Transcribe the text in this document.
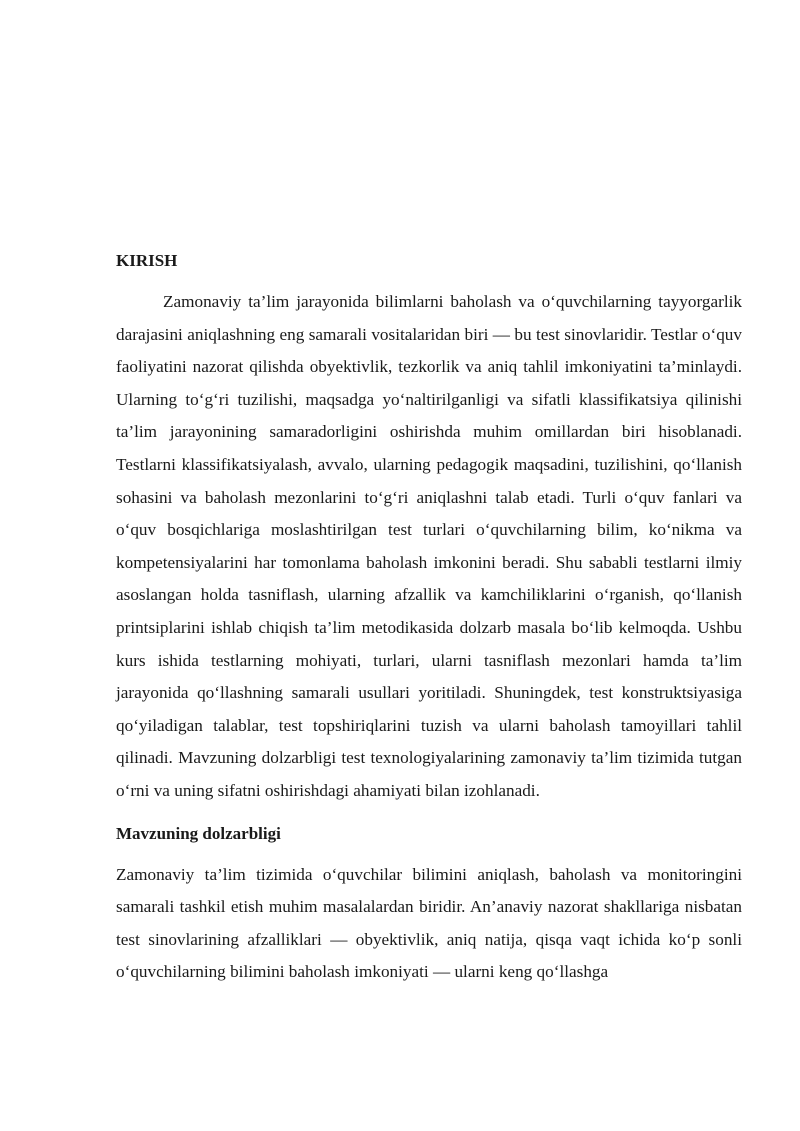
KIRISH

Zamonaviy ta’lim jarayonida bilimlarni baholash va o‘quvchilarning tayyorgarlik darajasini aniqlashning eng samarali vositalaridan biri — bu test sinovlaridir. Testlar o‘quv faoliyatini nazorat qilishda obyektivlik, tezkorlik va aniq tahlil imkoniyatini ta’minlaydi. Ularning to‘g‘ri tuzilishi, maqsadga yo‘naltirilganligi va sifatli klassifikatsiya qilinishi ta’lim jarayonining samaradorligini oshirishda muhim omillardan biri hisoblanadi. Testlarni klassifikatsiyalash, avvalo, ularning pedagogik maqsadini, tuzilishini, qo‘llanish sohasini va baholash mezonlarini to‘g‘ri aniqlashni talab etadi. Turli o‘quv fanlari va o‘quv bosqichlariga moslashtirilgan test turlari o‘quvchilarning bilim, ko‘nikma va kompetensiyalarini har tomonlama baholash imkonini beradi. Shu sababli testlarni ilmiy asoslangan holda tasniflash, ularning afzallik va kamchiliklarini o‘rganish, qo‘llanish printsiplarini ishlab chiqish ta’lim metodikasida dolzarb masala bo‘lib kelmoqda. Ushbu kurs ishida testlarning mohiyati, turlari, ularni tasniflash mezonlari hamda ta’lim jarayonida qo‘llashning samarali usullari yoritiladi. Shuningdek, test konstruktsiyasiga qo‘yiladigan talablar, test topshiriqlarini tuzish va ularni baholash tamoyillari tahlil qilinadi. Mavzuning dolzarbligi test texnologiyalarining zamonaviy ta’lim tizimida tutgan o‘rni va uning sifatni oshirishdagi ahamiyati bilan izohlanadi.

Mavzuning dolzarbligi

Zamonaviy ta’lim tizimida o‘quvchilar bilimini aniqlash, baholash va monitoringini samarali tashkil etish muhim masalalardan biridir. An’anaviy nazorat shakllariga nisbatan test sinovlarining afzalliklari — obyektivlik, aniq natija, qisqa vaqt ichida ko‘p sonli o‘quvchilarning bilimini baholash imkoniyati — ularni keng qo‘llashga
